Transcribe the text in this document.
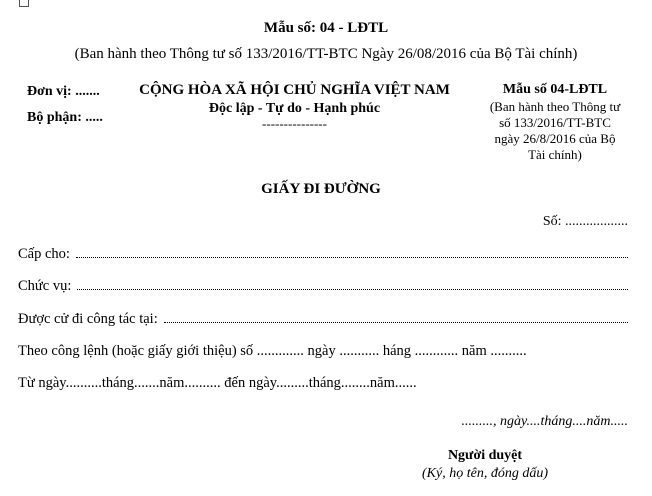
Mẫu số: 04 - LĐTL
(Ban hành theo Thông tư số 133/2016/TT-BTC Ngày 26/08/2016 của Bộ Tài chính)
Đơn vị: .......
Bộ phận: .....
CỘNG HÒA XÃ HỘI CHỦ NGHĨA VIỆT NAM
Độc lập - Tự do - Hạnh phúc
---------------
Mẫu số 04-LĐTL
(Ban hành theo Thông tư
số 133/2016/TT-BTC
ngày 26/8/2016 của Bộ
Tài chính)
GIẤY ĐI ĐƯỜNG
Số: ..................
Cấp cho:
Chức vụ:
Được cử đi công tác tại:
Theo công lệnh (hoặc giấy giới thiệu) số ............. ngày ........... háng ............ năm ..........
Từ ngày..........tháng.......năm.......... đến ngày.........tháng........năm......
........., ngày....tháng....năm.....
Người duyệt
(Ký, họ tên, đóng dấu)
